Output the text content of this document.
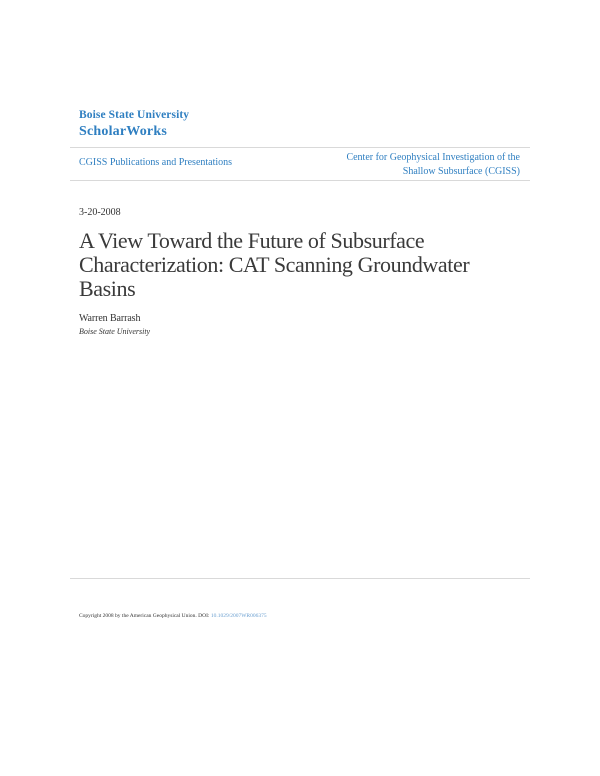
Boise State University
ScholarWorks
CGISS Publications and Presentations	Center for Geophysical Investigation of the
Shallow Subsurface (CGISS)
3-20-2008
A View Toward the Future of Subsurface Characterization: CAT Scanning Groundwater Basins
Warren Barrash
Boise State University
Copyright 2008 by the American Geophysical Union. DOI: 10.1029/2007WR006375
